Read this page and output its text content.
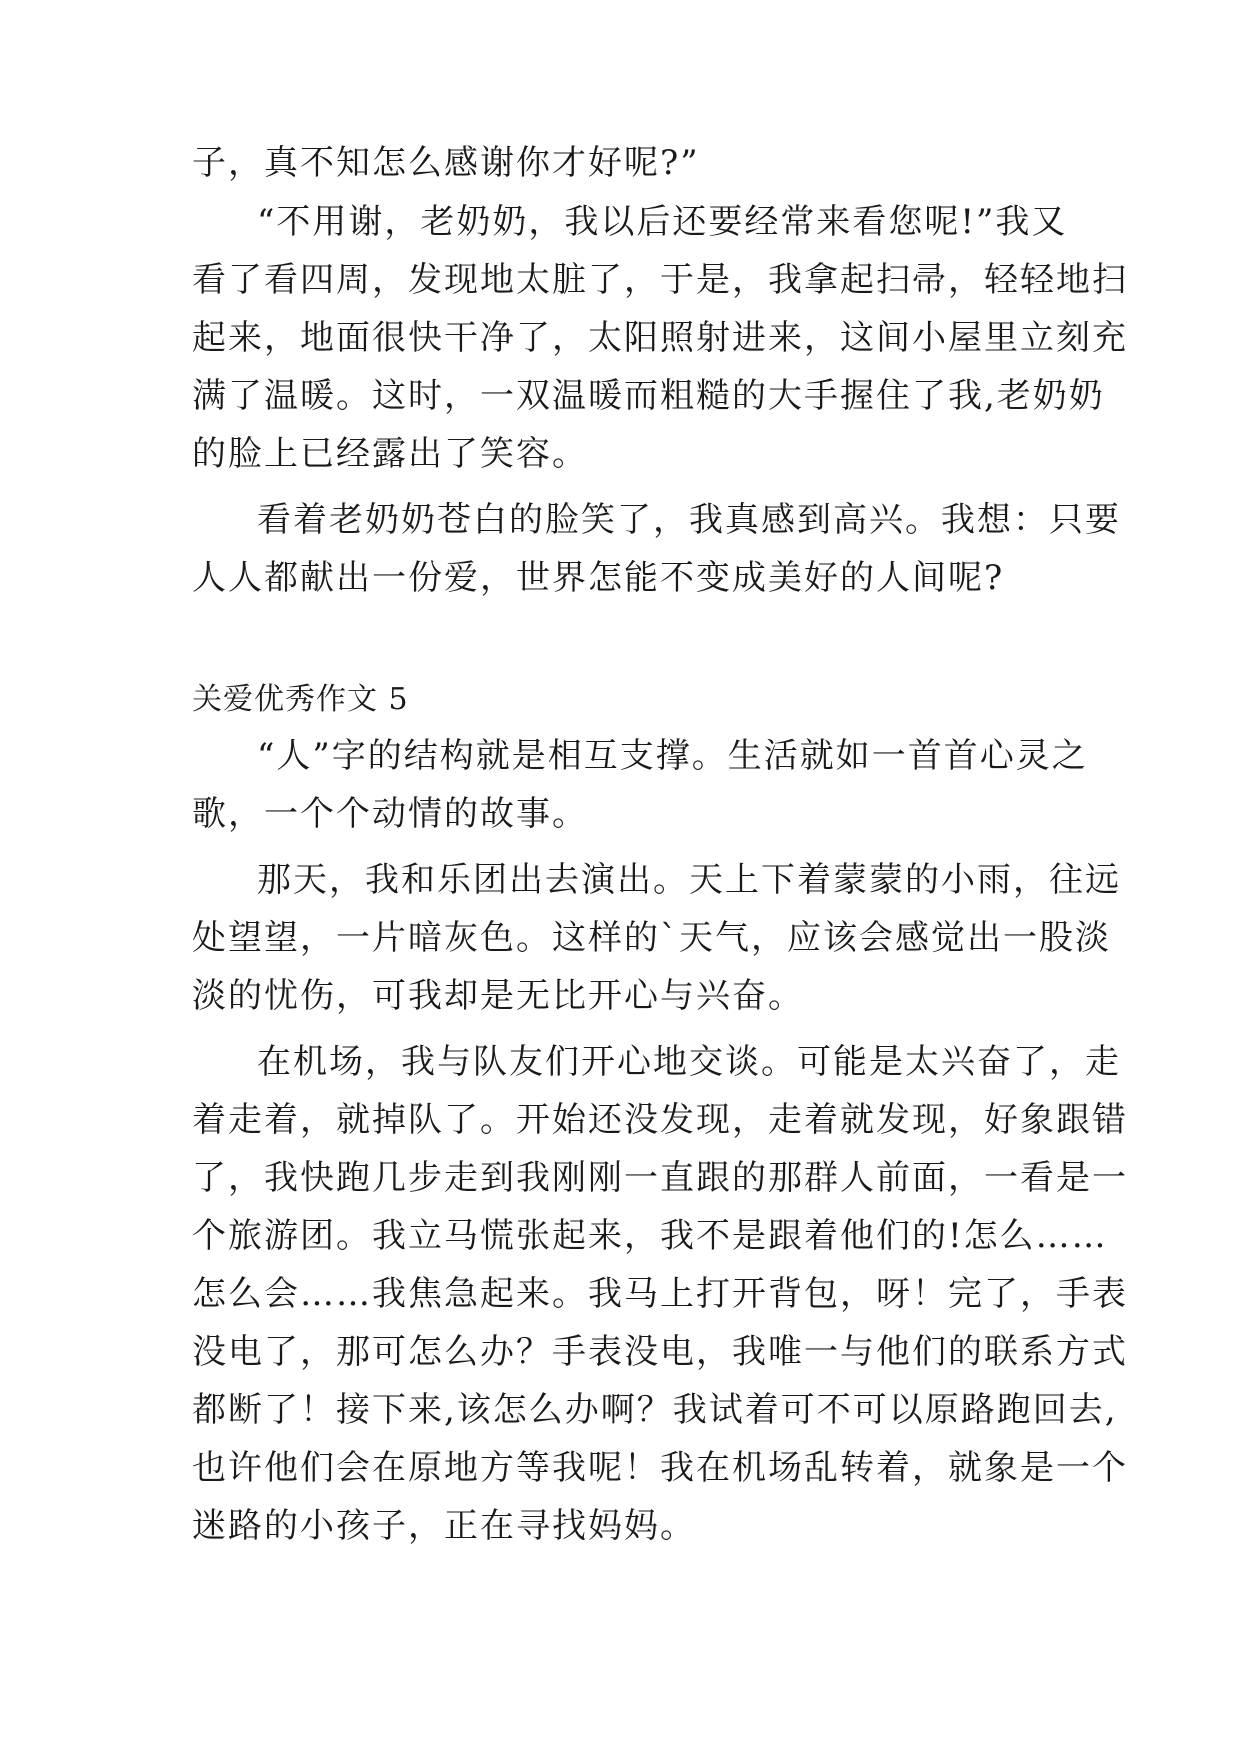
子，真不知怎么感谢你才好呢?”
“不用谢，老奶奶，我以后还要经常来看您呢!”我又
看了看四周，发现地太脏了，于是，我拿起扫帚，轻轻地扫
起来，地面很快干净了，太阳照射进来，这间小屋里立刻充
满了温暖。这时，一双温暖而粗糙的大手握住了我,老奶奶
的脸上已经露出了笑容。
看着老奶奶苍白的脸笑了，我真感到高兴。我想：只要
人人都献出一份爱，世界怎能不变成美好的人间呢?
关爱优秀作文 5
“人”字的结构就是相互支撑。生活就如一首首心灵之
歌，一个个动情的故事。
那天，我和乐团出去演出。天上下着蒙蒙的小雨，往远
处望望，一片暗灰色。这样的`天气，应该会感觉出一股淡
淡的忧伤，可我却是无比开心与兴奋。
在机场，我与队友们开心地交谈。可能是太兴奋了，走
着走着，就掉队了。开始还没发现，走着就发现，好象跟错
了，我快跑几步走到我刚刚一直跟的那群人前面，一看是一
个旅游团。我立马慌张起来，我不是跟着他们的!怎么……
怎么会……我焦急起来。我马上打开背包，呀！完了，手表
没电了，那可怎么办？手表没电，我唯一与他们的联系方式
都断了！接下来,该怎么办啊？我试着可不可以原路跑回去,
也许他们会在原地方等我呢！我在机场乱转着，就象是一个
迷路的小孩子，正在寻找妈妈。
